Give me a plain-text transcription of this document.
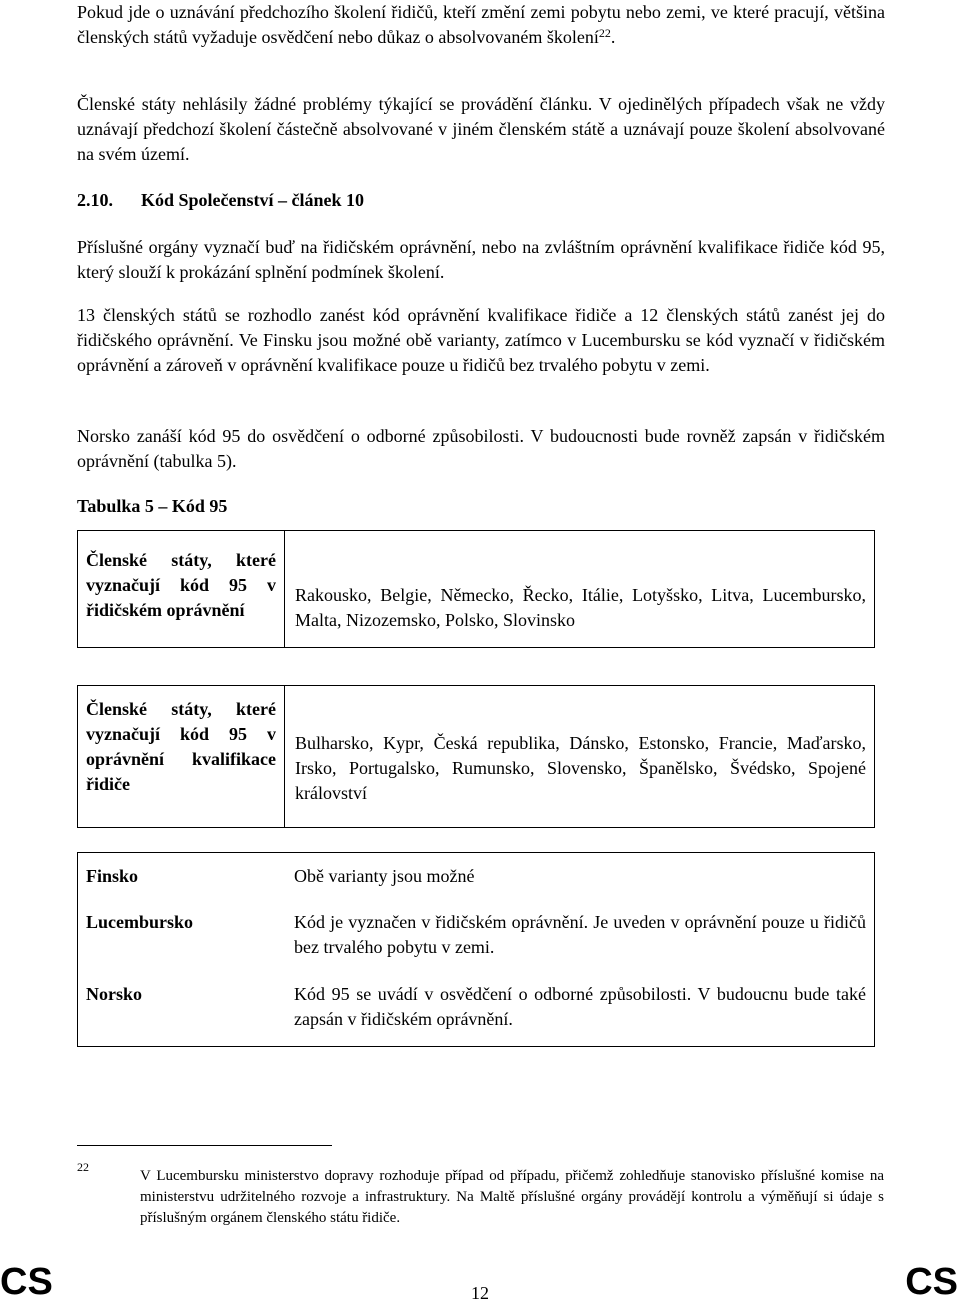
Pokud jde o uznávání předchozího školení řidičů, kteří změní zemi pobytu nebo zemi, ve které pracují, většina členských států vyžaduje osvědčení nebo důkaz o absolvovaném školení$^{22}$.

Členské státy nehlásily žádné problémy týkající se provádění článku. V ojedinělých případech však ne vždy uznávají předchozí školení částečně absolvované v jiném členském státě a uznávají pouze školení absolvované na svém území.

2.10. Kód Společenství – článek 10

Příslušné orgány vyznačí buď na řidičském oprávnění, nebo na zvláštním oprávnění kvalifikace řidiče kód 95, který slouží k prokázání splnění podmínek školení.

13 členských států se rozhodlo zanést kód oprávnění kvalifikace řidiče a 12 členských států zanést jej do řidičského oprávnění. Ve Finsku jsou možné obě varianty, zatímco v Lucembursku se kód vyznačí v řidičském oprávnění a zároveň v oprávnění kvalifikace pouze u řidičů bez trvalého pobytu v zemi.

Norsko zanáší kód 95 do osvědčení o odborné způsobilosti. V budoucnosti bude rovněž zapsán v řidičském oprávnění (tabulka 5).

Tabulka 5 – Kód 95
Členské státy, které vyznačují kód 95 v řidičském oprávnění	Rakousko, Belgie, Německo, Řecko, Itálie, Lotyšsko, Litva, Lucembursko, Malta, Nizozemsko, Polsko, Slovinsko
Členské státy, které vyznačují kód 95 v oprávnění kvalifikace řidiče	Bulharsko, Kypr, Česká republika, Dánsko, Estonsko, Francie, Maďarsko, Irsko, Portugalsko, Rumunsko, Slovensko, Španělsko, Švédsko, Spojené království
Finsko	Obě varianty jsou možné
Lucembursko	Kód je vyznačen v řidičském oprávnění. Je uveden v oprávnění pouze u řidičů bez trvalého pobytu v zemi.
Norsko	Kód 95 se uvádí v osvědčení o odborné způsobilosti. V budoucnu bude také zapsán v řidičském oprávnění.
22
V Lucembursku ministerstvo dopravy rozhoduje případ od případu, přičemž zohledňuje stanovisko příslušné komise na ministerstvu udržitelného rozvoje a infrastruktury. Na Maltě příslušné orgány provádějí kontrolu a výměňují si údaje s příslušným orgánem členského státu řidiče.
CS	12	CS
